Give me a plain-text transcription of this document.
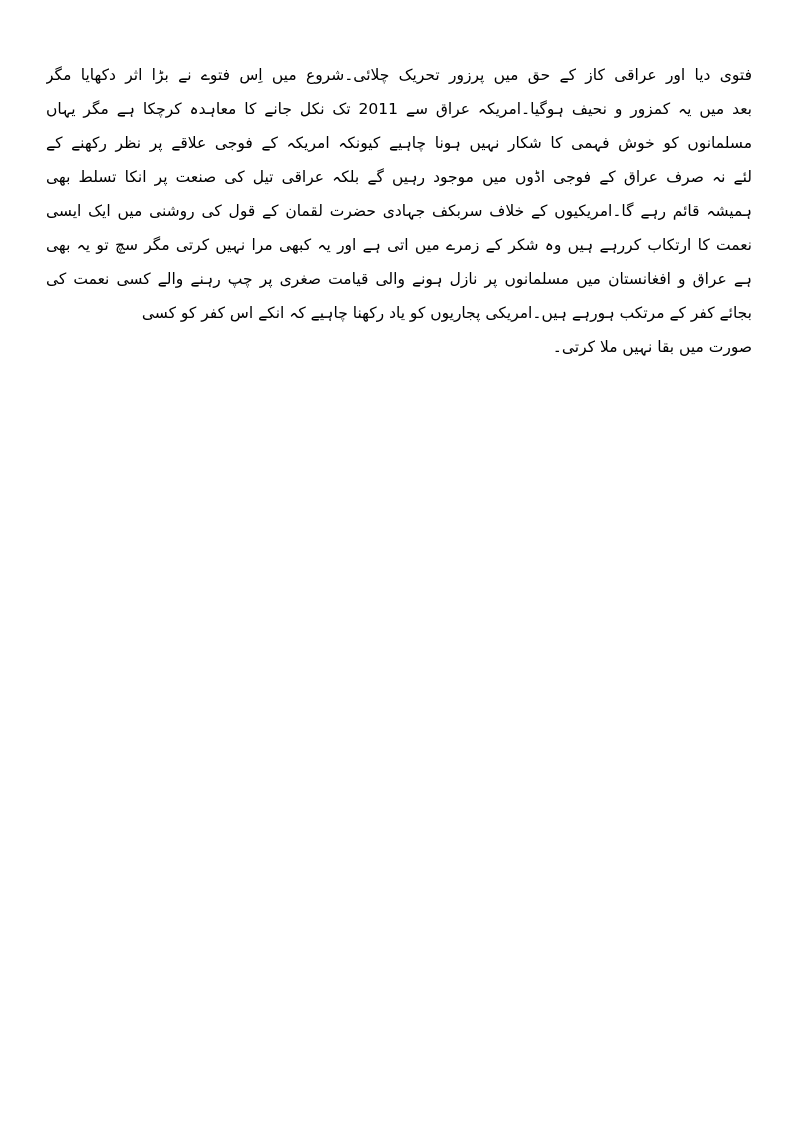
فتوی دیا اور عراقی کاز کے حق میں پرزور تحریک چلائی۔شروع میں اِس فتوے نے بڑا اثر دکھایا مگر
بعد میں یہ کمزور و نحیف ہوگیا۔امریکہ عراق سے 2011 تک نکل جانے کا معاہدہ کرچکا ہے مگر یہاں
مسلمانوں کو خوش فہمی کا شکار نہیں ہونا چاہیے کیونکہ امریکہ کے فوجی علاقے پر نظر رکھنے کے
لئے نہ صرف عراق کے فوجی اڈوں میں موجود رہیں گے بلکہ عراقی تیل کی صنعت پر انکا تسلط بھی
ہمیشہ قائم رہے گا۔امریکیوں کے خلاف سربکف جہادی حضرت لقمان کے قول کی روشنی میں ایک ایسی
نعمت کا ارتکاب کررہے ہیں وہ شکر کے زمرے میں اتی ہے اور یہ کبھی مرا نہیں کرتی مگر سچ تو یہ بھی
ہے عراق و افغانستان میں مسلمانوں پر نازل ہونے والی قیامت صغری پر چپ رہنے والے کسی نعمت کی
بجائے کفر کے مرتکب ہورہے ہیں۔امریکی پجاریوں کو یاد رکھنا چاہیے کہ انکے اس کفر کو کسی
صورت میں بقا نہیں ملا کرتی۔
